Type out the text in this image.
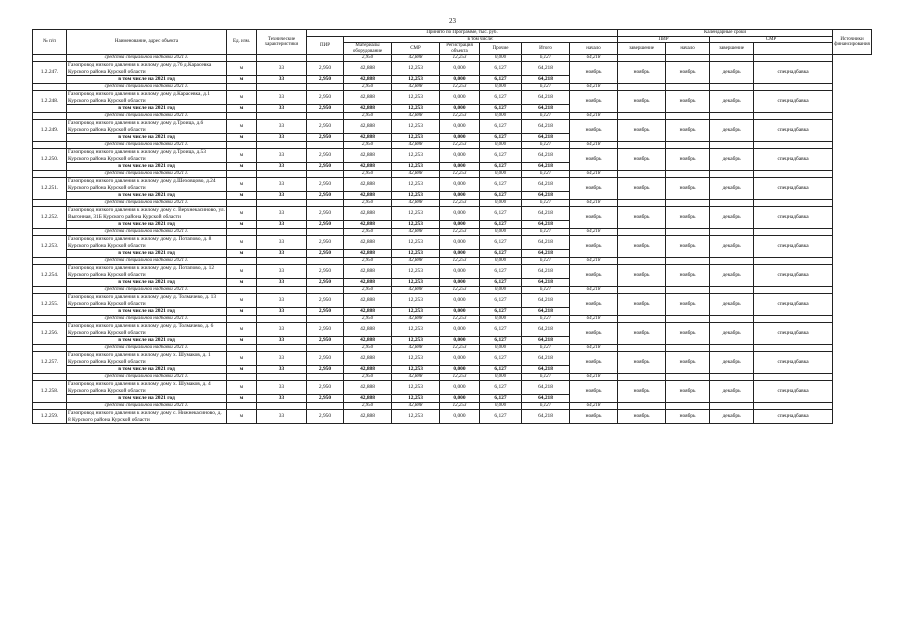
23
№ п/п	Наименование, адрес объекта	Ед. изм.	Технические характеристики	Принято по Программе, тыс. руб.							Календарные сроки				Источники финансирования
				ПИР	в том числе:						ПИР		СМР		
					Материалы оборудование	СМР	Регистрация объекта	Прочие	Итого	начало	завершение	начало	завершение		
	средства специальной надбавки 2021 г.				2,950	42,888	12,253	0,000	6,127	64,218					
1.2.247.	Газопровод низкого давления к жилому дому д.76 д.Карасевка Курского района Курской области	м	33	2,950	42,888	12,253	0,000	6,127	64,218	ноябрь	ноябрь	ноябрь	декабрь	спецнадбавка	
	в том числе на 2021 год	м	33	2,950	42,888	12,253	0,000	6,127	64,218						
	средства специальной надбавки 2021 г.				2,950	42,888	12,253	0,000	6,127	64,218					
1.2.248.	Газопровод низкого давления к жилому дому д.Карасевка, д.1 Курского района Курской области	м	33	2,950	42,888	12,253	0,000	6,127	64,218	ноябрь	ноябрь	ноябрь	декабрь	спецнадбавка	
	в том числе на 2021 год	м	33	2,950	42,888	12,253	0,000	6,127	64,218						
	средства специальной надбавки 2021 г.				2,950	42,888	12,253	0,000	6,127	64,218					
1.2.249.	Газопровод низкого давления к жилому дому д.Троица, д.6 Курского района Курской области	м	33	2,950	42,888	12,253	0,000	6,127	64,218	ноябрь	ноябрь	ноябрь	декабрь	спецнадбавка	
	в том числе на 2021 год	м	33	2,950	42,888	12,253	0,000	6,127	64,218						
	средства специальной надбавки 2021 г.				2,950	42,888	12,253	0,000	6,127	64,218					
1.2.250.	Газопровод низкого давления к жилому дому д.Троица, д.53 Курского района Курской области	м	33	2,950	42,888	12,253	0,000	6,127	64,218	ноябрь	ноябрь	ноябрь	декабрь	спецнадбавка	
	в том числе на 2021 год	м	33	2,950	42,888	12,253	0,000	6,127	64,218						
	средства специальной надбавки 2021 г.				2,950	42,888	12,253	0,000	6,127	64,218					
1.2.251.	Газопровод низкого давления к жилому дому д.Шеховцово, д.24 Курского района Курской области	м	33	2,950	42,888	12,253	0,000	6,127	64,218	ноябрь	ноябрь	ноябрь	декабрь	спецнадбавка	
	в том числе на 2021 год	м	33	2,950	42,888	12,253	0,000	6,127	64,218						
	средства специальной надбавки 2021 г.				2,950	42,888	12,253	0,000	6,127	64,218					
1.2.252.	Газопровод низкого давления к жилому дому с. Верхнекасиново, ул. Выгонная, 31Б Курского района Курской области	м	33	2,950	42,888	12,253	0,000	6,127	64,218	ноябрь	ноябрь	ноябрь	декабрь	спецнадбавка	
	в том числе на 2021 год	м	33	2,950	42,888	12,253	0,000	6,127	64,218						
	средства специальной надбавки 2021 г.				2,950	42,888	12,253	0,000	6,127	64,218					
1.2.253.	Газопровод низкого давления к жилому дому д. Потапово, д. 8 Курского района Курской области	м	33	2,950	42,888	12,253	0,000	6,127	64,218	ноябрь	ноябрь	ноябрь	декабрь	спецнадбавка	
	в том числе на 2021 год	м	33	2,950	42,888	12,253	0,000	6,127	64,218						
	средства специальной надбавки 2021 г.				2,950	42,888	12,253	0,000	6,127	64,218					
1.2.254.	Газопровод низкого давления к жилому дому д. Потапово, д. 12 Курского района Курской области	м	33	2,950	42,888	12,253	0,000	6,127	64,218	ноябрь	ноябрь	ноябрь	декабрь	спецнадбавка	
	в том числе на 2021 год	м	33	2,950	42,888	12,253	0,000	6,127	64,218						
	средства специальной надбавки 2021 г.				2,950	42,888	12,253	0,000	6,127	64,218					
1.2.255.	Газопровод низкого давления к жилому дому д. Толмачево, д. 13 Курского района Курской области	м	33	2,950	42,888	12,253	0,000	6,127	64,218	ноябрь	ноябрь	ноябрь	декабрь	спецнадбавка	
	в том числе на 2021 год	м	33	2,950	42,888	12,253	0,000	6,127	64,218						
	средства специальной надбавки 2021 г.				2,950	42,888	12,253	0,000	6,127	64,218					
1.2.256.	Газопровод низкого давления к жилому дому д. Толмачево, д. 6 Курского района Курской области	м	33	2,950	42,888	12,253	0,000	6,127	64,218	ноябрь	ноябрь	ноябрь	декабрь	спецнадбавка	
	в том числе на 2021 год	м	33	2,950	42,888	12,253	0,000	6,127	64,218						
	средства специальной надбавки 2021 г.				2,950	42,888	12,253	0,000	6,127	64,218					
1.2.257.	Газопровод низкого давления к жилому дому х. Шумаков, д. 1 Курского района Курской области	м	33	2,950	42,888	12,253	0,000	6,127	64,218	ноябрь	ноябрь	ноябрь	декабрь	спецнадбавка	
	в том числе на 2021 год	м	33	2,950	42,888	12,253	0,000	6,127	64,218						
	средства специальной надбавки 2021 г.				2,950	42,888	12,253	0,000	6,127	64,218					
1.2.258.	Газопровод низкого давления к жилому дому х. Шумаков, д. 4 Курского района Курской области	м	33	2,950	42,888	12,253	0,000	6,127	64,218	ноябрь	ноябрь	ноябрь	декабрь	спецнадбавка	
	в том числе на 2021 год	м	33	2,950	42,888	12,253	0,000	6,127	64,218						
	средства специальной надбавки 2021 г.				2,950	42,888	12,253	0,000	6,127	64,218					
1.2.259.	Газопровод низкого давления к жилому дому с. Нижнекасиново, д. 8 Курского района Курской области	м	33	2,950	42,888	12,253	0,000	6,127	64,218	ноябрь	ноябрь	ноябрь	декабрь	спецнадбавка	
